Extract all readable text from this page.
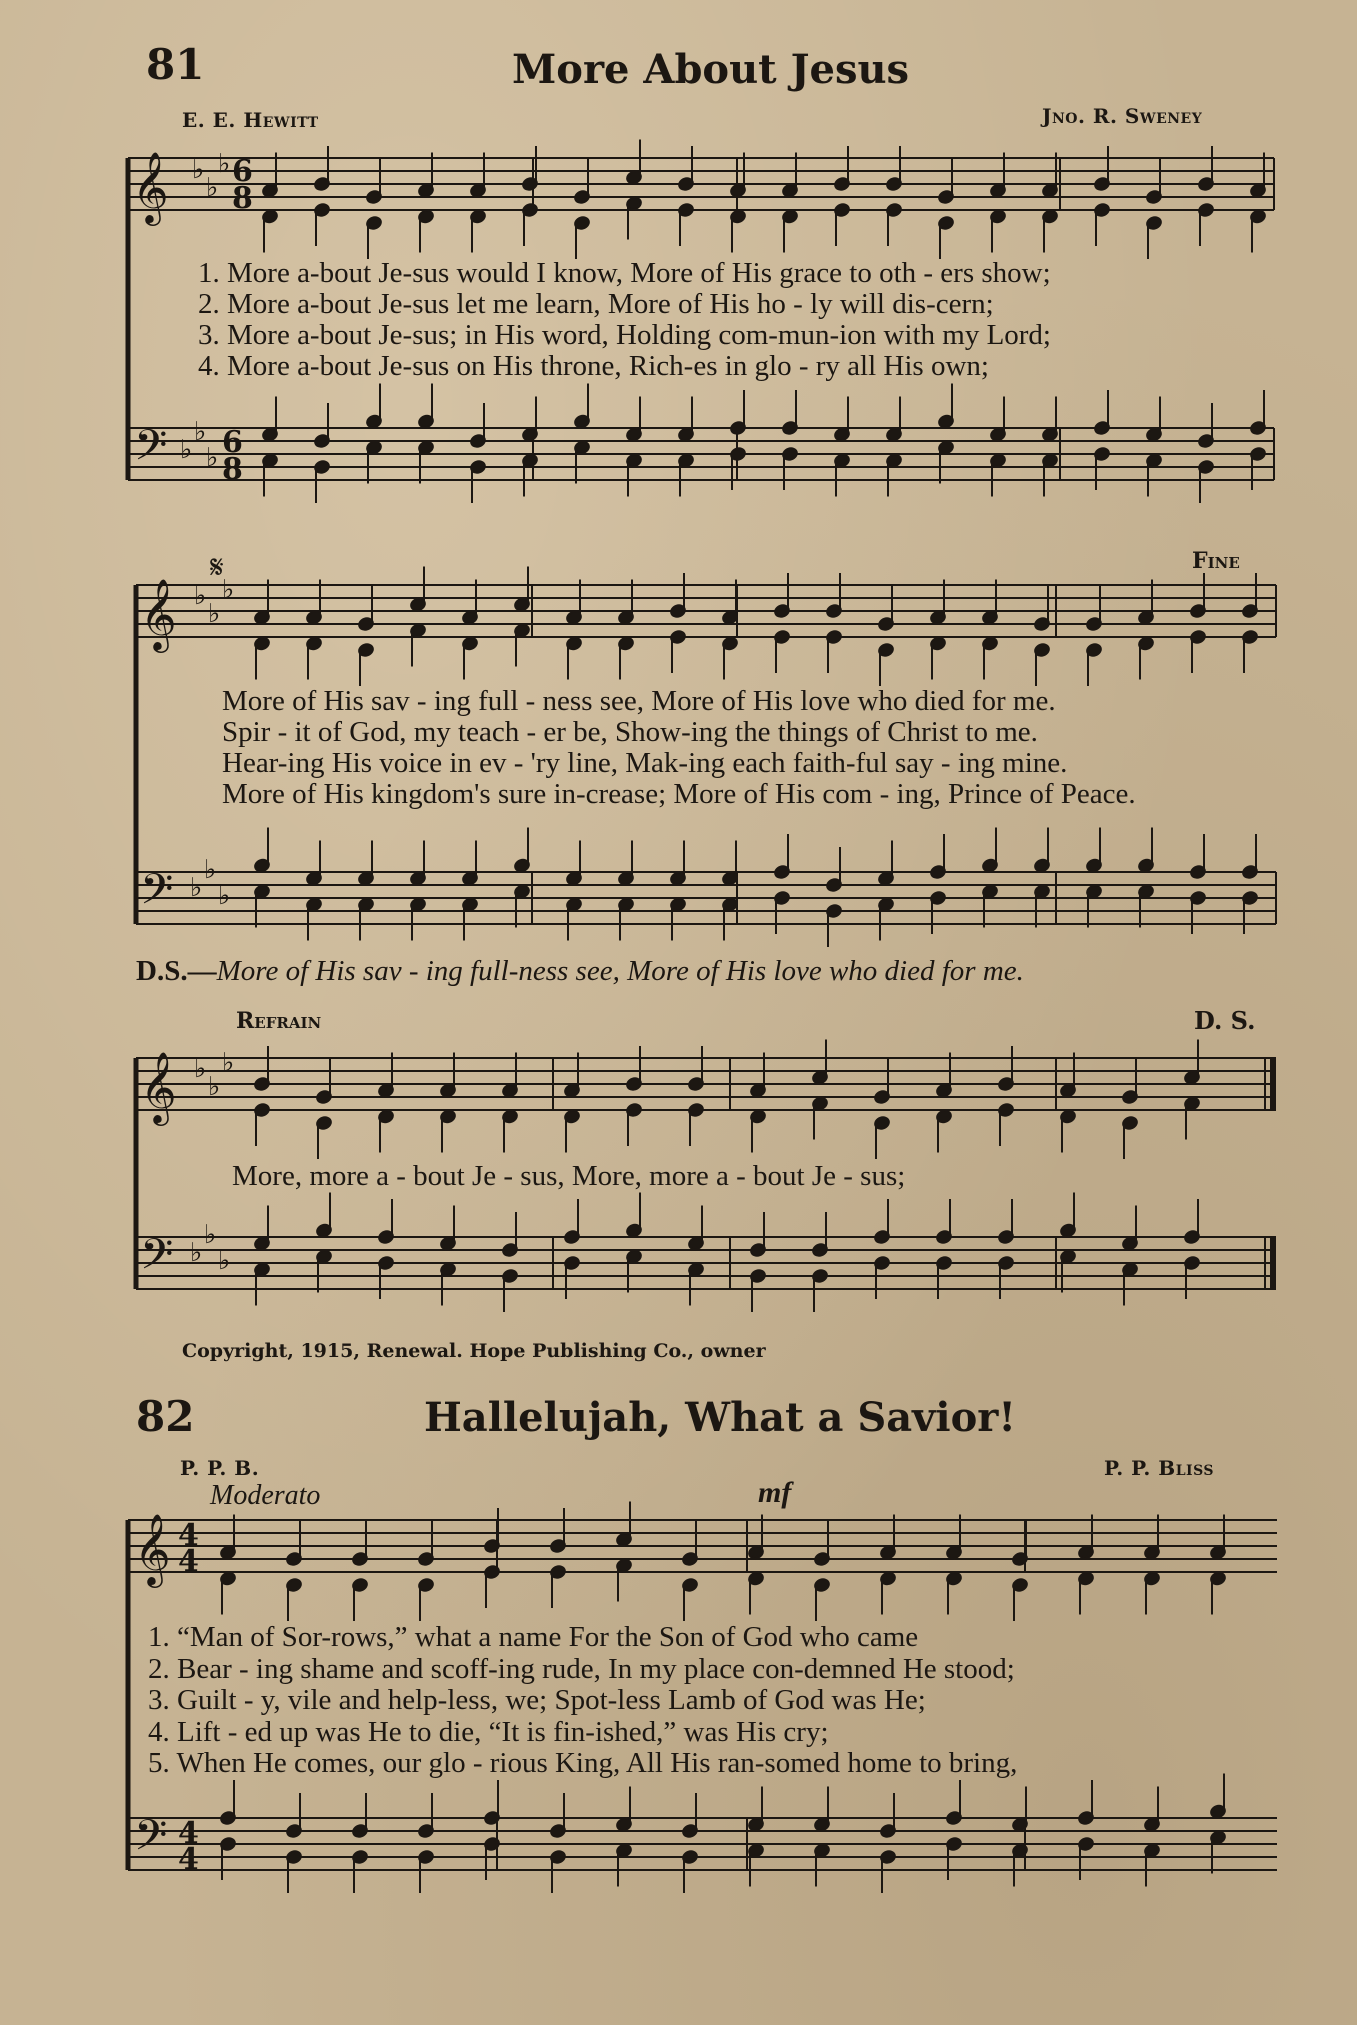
81	More About Jesus
E. E. Hewitt	Jno. R. Sweney
𝄞
𝄢
𝄞
𝄢
𝄞
𝄢
𝄞
𝄢
♭
♭
♭
♭
♭
♭
♭
♭
♭
♭
♭
♭
♭
♭
♭
♭
♭
♭
6
8
6
8
4
4
4
4
𝄋
1. More a-bout Je-sus would I know, More of His grace to oth - ers show;
2. More a-bout Je-sus let me learn, More of His ho - ly will dis-cern;
3. More a-bout Je-sus; in His word, Holding com-mun-ion with my Lord;
4. More a-bout Je-sus on His throne, Rich-es in glo - ry all His own;
Fine
More of His sav - ing full - ness see, More of His love who died for me.
Spir - it of God, my teach - er be, Show-ing the things of Christ to me.
Hear-ing His voice in ev - 'ry line, Mak-ing each faith-ful say - ing mine.
More of His kingdom's sure in-crease; More of His com - ing, Prince of Peace.
D.S.—More of His sav - ing full-ness see, More of His love who died for me.
Refrain	D. S.
More, more a - bout Je - sus, More, more a - bout Je - sus;
Copyright, 1915, Renewal. Hope Publishing Co., owner
82	Hallelujah, What a Savior!
P. P. B.	P. P. Bliss
Moderato	mf
1. “Man of Sor-rows,” what a name For the Son of God who came
2. Bear - ing shame and scoff-ing rude, In my place con-demned He stood;
3. Guilt - y, vile and help-less, we; Spot-less Lamb of God was He;
4. Lift - ed up was He to die, “It is fin-ished,” was His cry;
5. When He comes, our glo - rious King, All His ran-somed home to bring,
